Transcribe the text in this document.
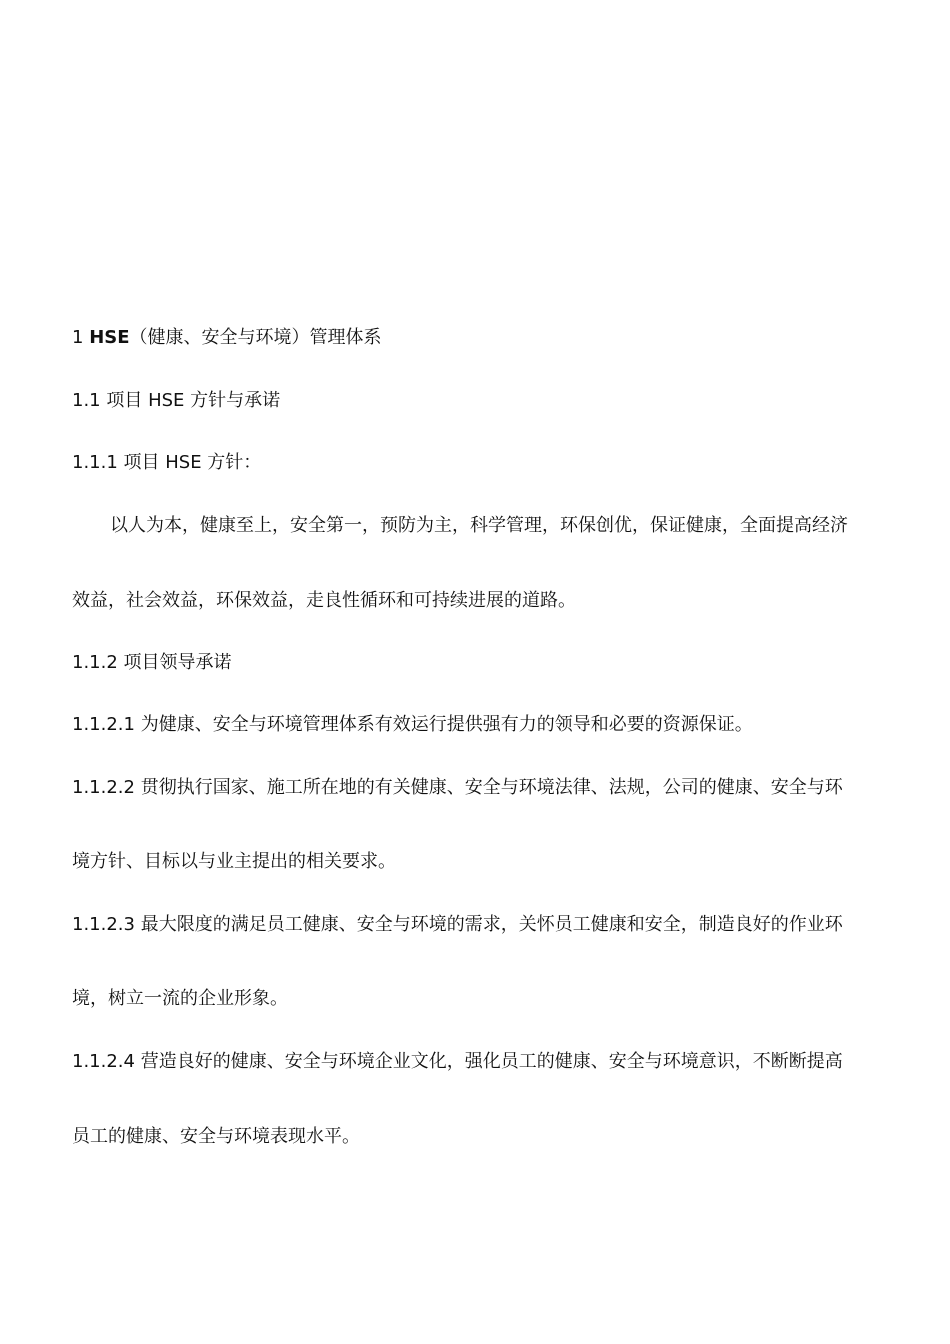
1 HSE（健康、安全与环境）管理体系
1.1 项目 HSE 方针与承诺
1.1.1 项目 HSE 方针：
以人为本，健康至上，安全第一，预防为主，科学管理，环保创优，保证健康，全面提高经济
效益，社会效益，环保效益，走良性循环和可持续进展的道路。
1.1.2 项目领导承诺
1.1.2.1 为健康、安全与环境管理体系有效运行提供强有力的领导和必要的资源保证。
1.1.2.2 贯彻执行国家、施工所在地的有关健康、安全与环境法律、法规，公司的健康、安全与环
境方针、目标以与业主提出的相关要求。
1.1.2.3 最大限度的满足员工健康、安全与环境的需求，关怀员工健康和安全，制造良好的作业环
境，树立一流的企业形象。
1.1.2.4 营造良好的健康、安全与环境企业文化，强化员工的健康、安全与环境意识，不断断提高
员工的健康、安全与环境表现水平。
